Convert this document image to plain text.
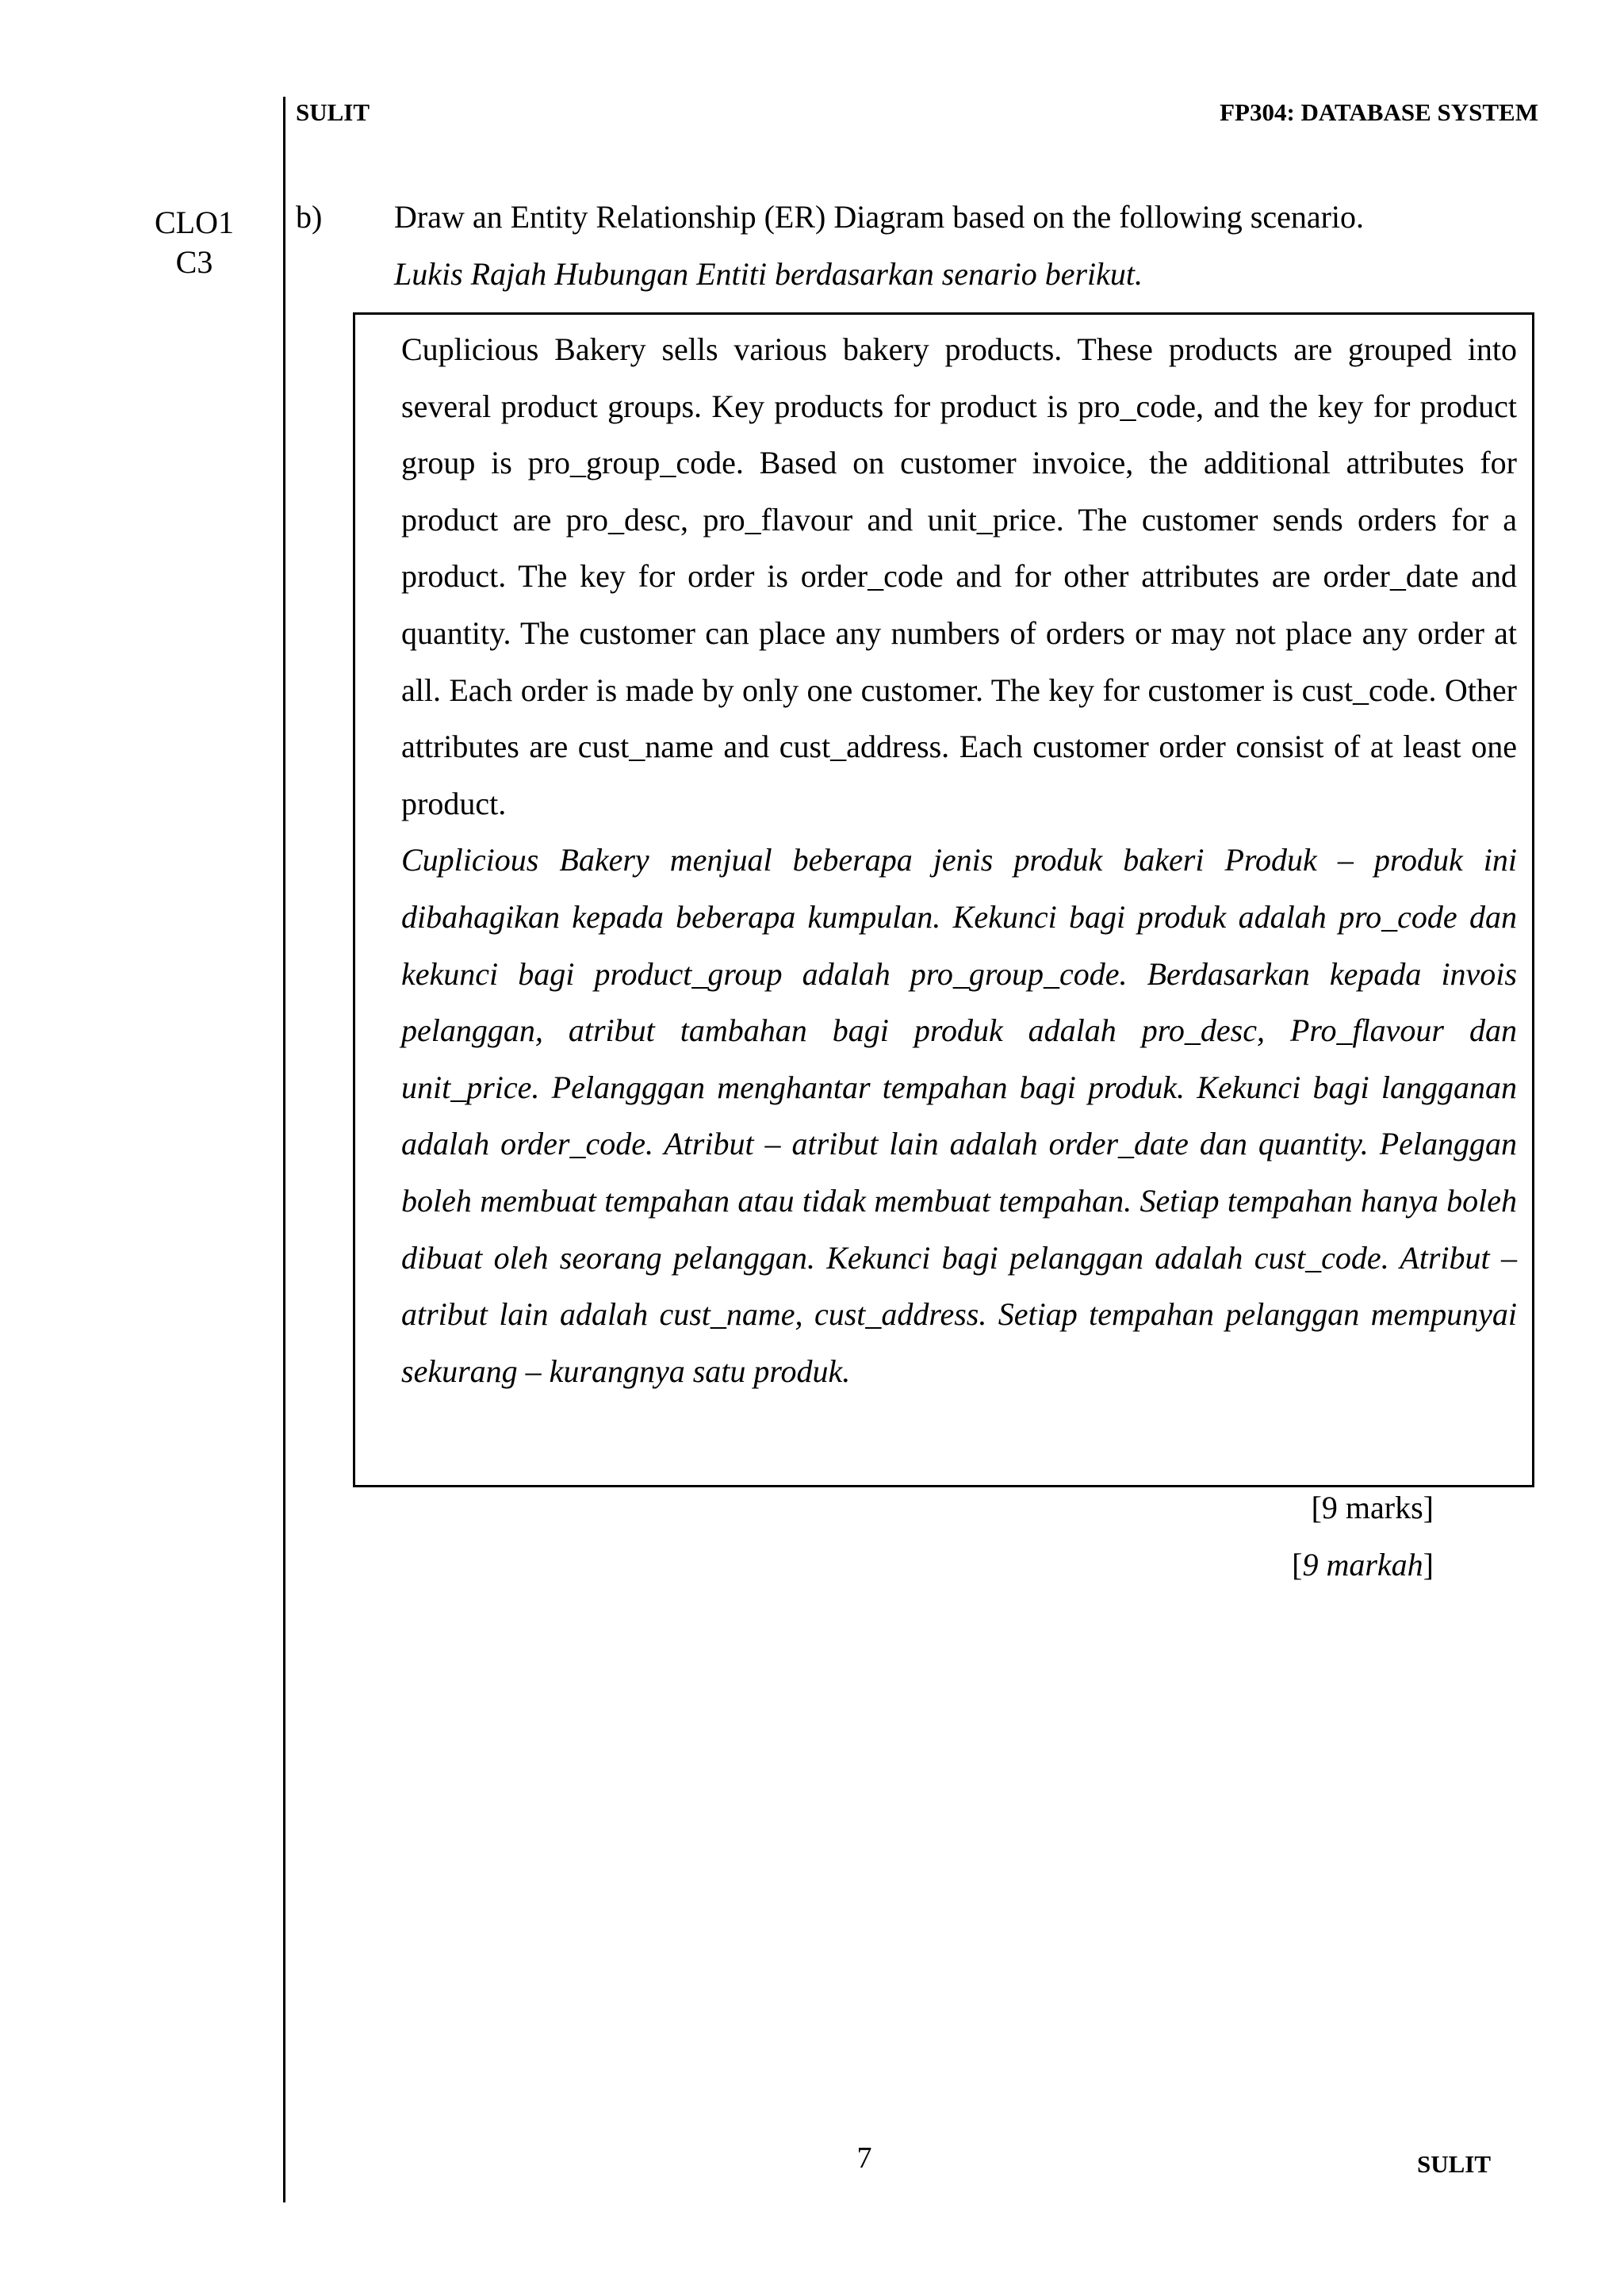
SULIT	FP304: DATABASE SYSTEM
CLO1
C3
b) Draw an Entity Relationship (ER) Diagram based on the following scenario.
Lukis Rajah Hubungan Entiti berdasarkan senario berikut.

Cuplicious Bakery sells various bakery products. These products are grouped into several product groups. Key products for product is pro_code, and the key for product group is pro_group_code. Based on customer invoice, the additional attributes for product are pro_desc, pro_flavour and unit_price. The customer sends orders for a product. The key for order is order_code and for other attributes are order_date and quantity. The customer can place any numbers of orders or may not place any order at all. Each order is made by only one customer. The key for customer is cust_code. Other attributes are cust_name and cust_address. Each customer order consist of at least one product.

Cuplicious Bakery menjual beberapa jenis produk bakeri Produk – produk ini dibahagikan kepada beberapa kumpulan. Kekunci bagi produk adalah pro_code dan kekunci bagi product_group adalah pro_group_code. Berdasarkan kepada invois pelanggan, atribut tambahan bagi produk adalah pro_desc, Pro_flavour dan unit_price. Pelangggan menghantar tempahan bagi produk. Kekunci bagi langganan adalah order_code. Atribut – atribut lain adalah order_date dan quantity. Pelanggan boleh membuat tempahan atau tidak membuat tempahan. Setiap tempahan hanya boleh dibuat oleh seorang pelanggan. Kekunci bagi pelanggan adalah cust_code. Atribut – atribut lain adalah cust_name, cust_address. Setiap tempahan pelanggan mempunyai sekurang – kurangnya satu produk.

[9 marks]
[9 markah]
7	SULIT
